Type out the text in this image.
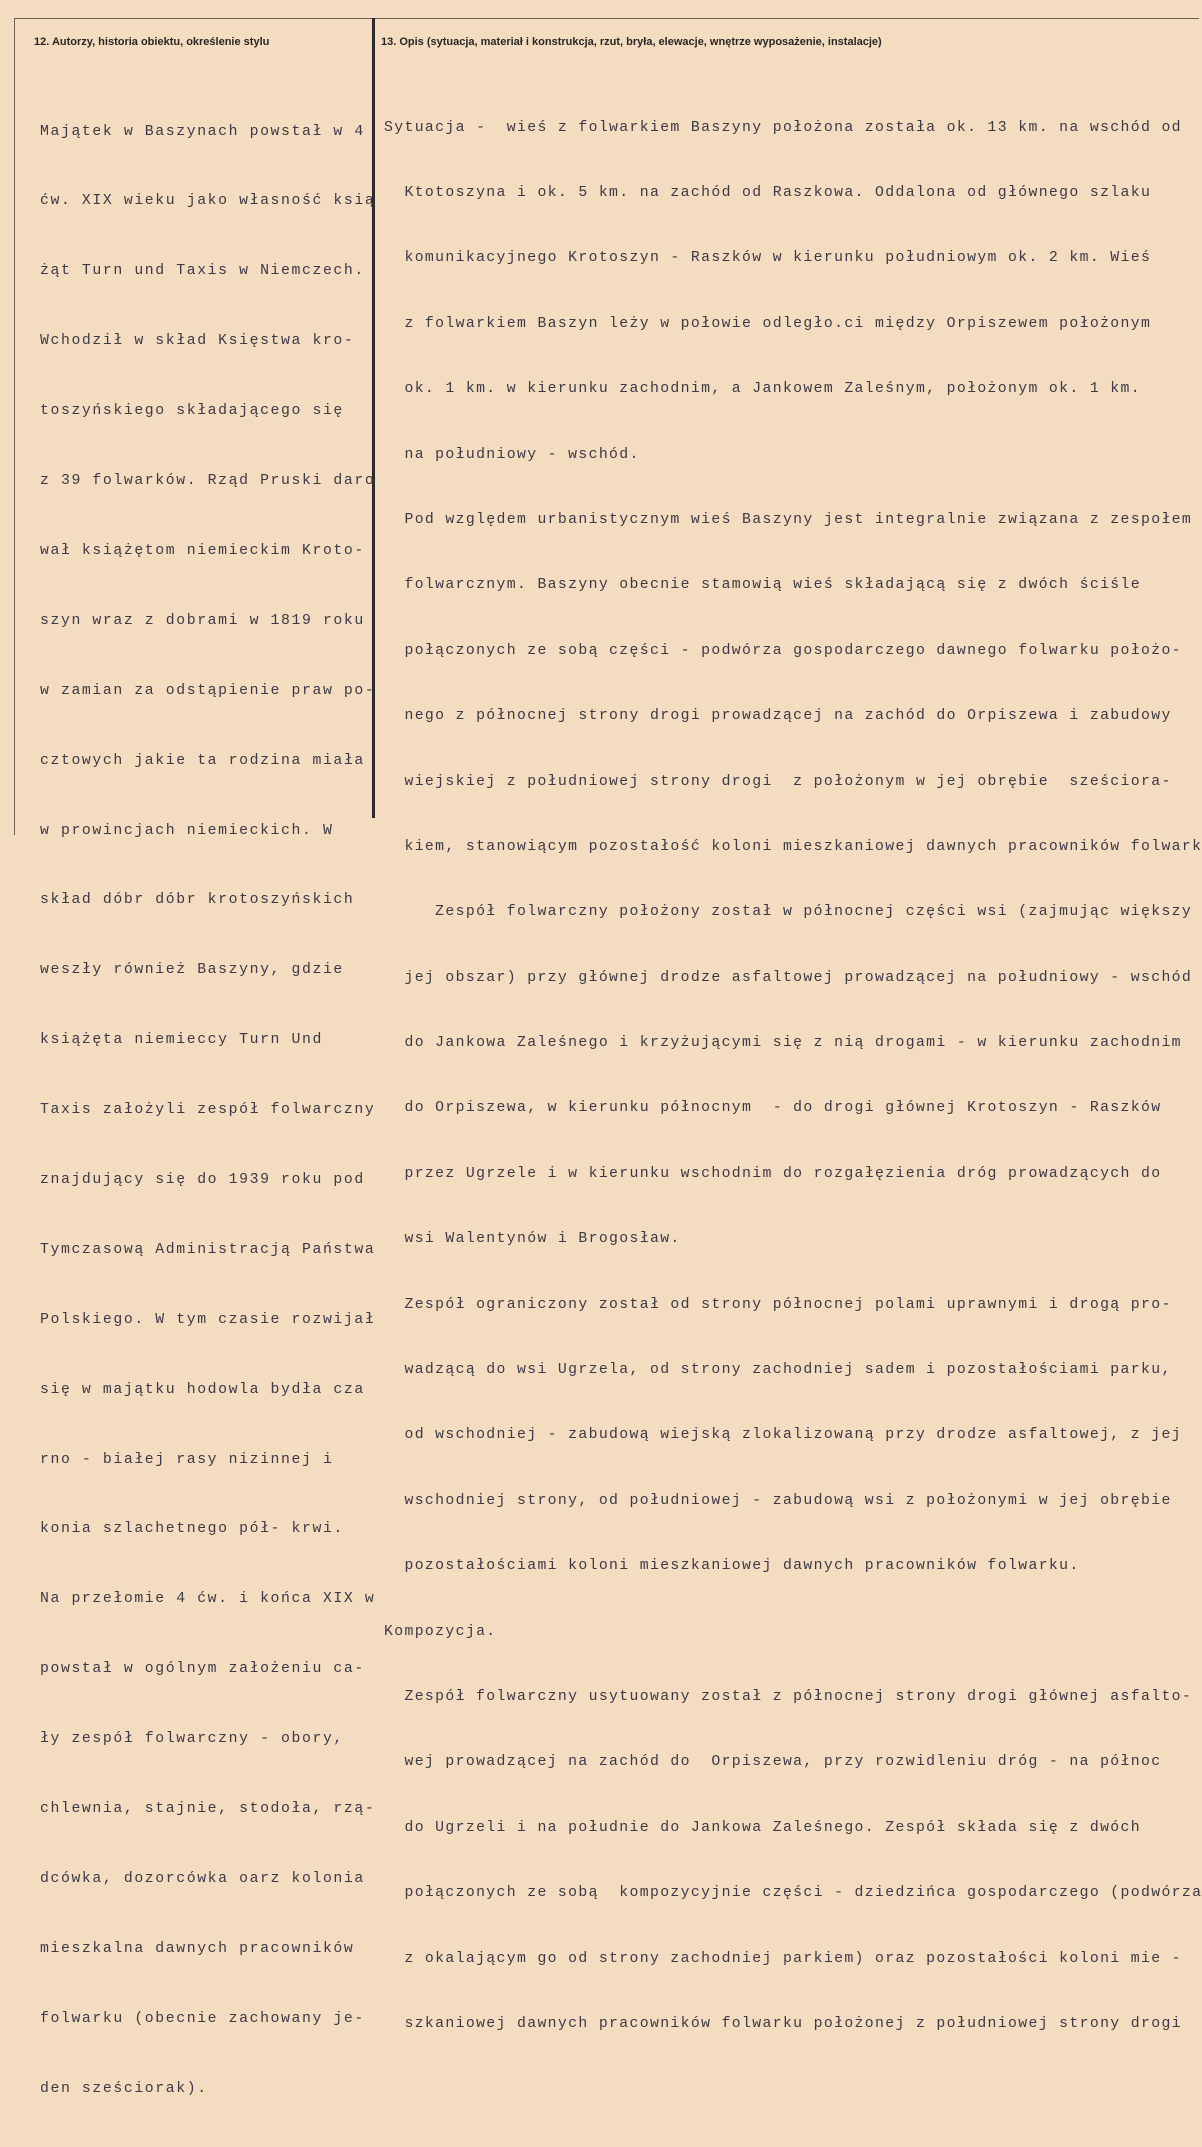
12. Autorzy, historia obiektu, określenie stylu	13. Opis (sytuacja, materiał i konstrukcja, rzut, bryła, elewacje, wnętrze wyposażenie, instalacje)

Majątek w Baszynach powstał w 4

ćw. XIX wieku jako własność ksią

żąt Turn und Taxis w Niemczech.

Wchodził w skład Księstwa kro-

toszyńskiego składającego się

z 39 folwarków. Rząd Pruski daro

wał książętom niemieckim Kroto-

szyn wraz z dobrami w 1819 roku

w zamian za odstąpienie praw po-

cztowych jakie ta rodzina miała

w prowincjach niemieckich. W

skład dóbr dóbr krotoszyńskich

weszły również Baszyny, gdzie

książęta niemieccy Turn Und

Taxis założyli zespół folwarczny

znajdujący się do 1939 roku pod

Tymczasową Administracją Państwa

Polskiego. W tym czasie rozwijał

się w majątku hodowla bydła cza

rno - białej rasy nizinnej i

konia szlachetnego pół- krwi.

Na przełomie 4 ćw. i końca XIX w

powstał w ogólnym założeniu ca-

ły zespół folwarczny - obory,

chlewnia, stajnie, stodoła, rzą-

dcówka, dozorcówka oarz kolonia

mieszkalna dawnych pracowników

folwarku (obecnie zachowany je-

den sześciorak).

Sytuacja -  wieś z folwarkiem Baszyny położona została ok. 13 km. na wschód od

Ktotoszyna i ok. 5 km. na zachód od Raszkowa. Oddalona od głównego szlaku

komunikacyjnego Krotoszyn - Raszków w kierunku południowym ok. 2 km. Wieś

z folwarkiem Baszyn leży w połowie odległo.ci między Orpiszewem położonym

ok. 1 km. w kierunku zachodnim, a Jankowem Zaleśnym, położonym ok. 1 km.

na południowy - wschód.

Pod względem urbanistycznym wieś Baszyny jest integralnie związana z zespołem

folwarcznym. Baszyny obecnie stamowią wieś składającą się z dwóch ściśle

połączonych ze sobą części - podwórza gospodarczego dawnego folwarku położo-

nego z północnej strony drogi prowadzącej na zachód do Orpiszewa i zabudowy

wiejskiej z południowej strony drogi  z położonym w jej obrębie  sześciora-

kiem, stanowiącym pozostałość koloni mieszkaniowej dawnych pracowników folwark

Zespół folwarczny położony został w północnej części wsi (zajmując większy

jej obszar) przy głównej drodze asfaltowej prowadzącej na południowy - wschód

do Jankowa Zaleśnego i krzyżującymi się z nią drogami - w kierunku zachodnim

do Orpiszewa, w kierunku północnym  - do drogi głównej Krotoszyn - Raszków

przez Ugrzele i w kierunku wschodnim do rozgałęzienia dróg prowadzących do

wsi Walentynów i Brogosław.

Zespół ograniczony został od strony północnej polami uprawnymi i drogą pro-

wadzącą do wsi Ugrzela, od strony zachodniej sadem i pozostałościami parku,

od wschodniej - zabudową wiejską zlokalizowaną przy drodze asfaltowej, z jej

wschodniej strony, od południowej - zabudową wsi z położonymi w jej obrębie

pozostałościami koloni mieszkaniowej dawnych pracowników folwarku.

Kompozycja.

Zespół folwarczny usytuowany został z północnej strony drogi głównej asfalto-

wej prowadzącej na zachód do  Orpiszewa, przy rozwidleniu dróg - na północ

do Ugrzeli i na południe do Jankowa Zaleśnego. Zespół składa się z dwóch

połączonych ze sobą  kompozycyjnie części - dziedzińca gospodarczego (podwórza

z okalającym go od strony zachodniej parkiem) oraz pozostałości koloni mie -

szkaniowej dawnych pracowników folwarku położonej z południowej strony drogi
